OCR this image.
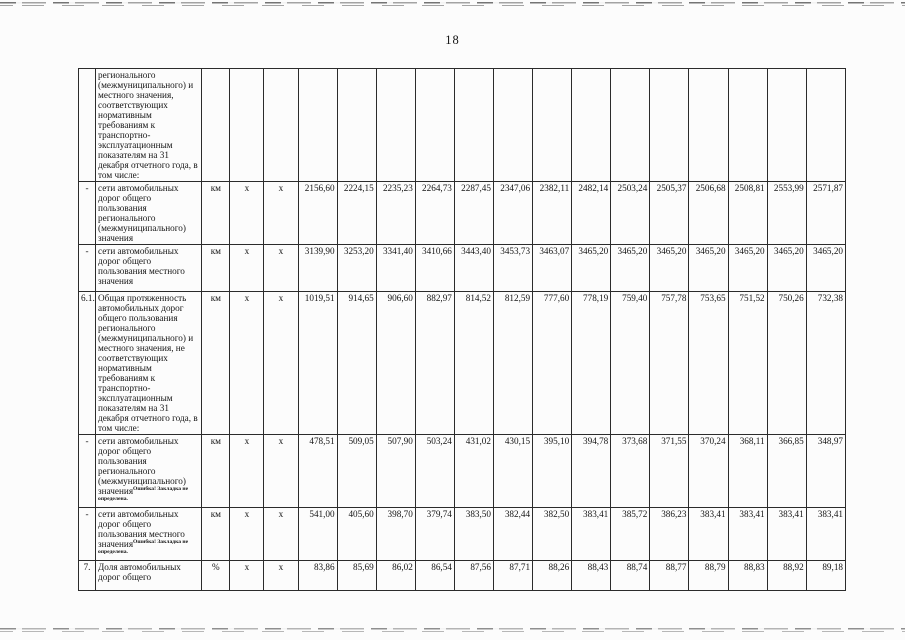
18
	регионального (межмуниципального) и местного значения, соответствующих нормативным требованиям к транспортно-эксплуатационным показателям на 31 декабря отчетного года, в том числе:																	
-	сети автомобильных дорог общего пользования регионального (межмуниципального) значения	км	х	х	2156,60	2224,15	2235,23	2264,73	2287,45	2347,06	2382,11	2482,14	2503,24	2505,37	2506,68	2508,81	2553,99	2571,87
-	сети автомобильных дорог общего пользования местного значения	км	х	х	3139,90	3253,20	3341,40	3410,66	3443,40	3453,73	3463,07	3465,20	3465,20	3465,20	3465,20	3465,20	3465,20	3465,20
6.1.	Общая протяженность автомобильных дорог общего пользования регионального (межмуниципального) и местного значения, не соответствующих нормативным требованиям к транспортно-эксплуатационным показателям на 31 декабря отчетного года, в том числе:	км	х	х	1019,51	914,65	906,60	882,97	814,52	812,59	777,60	778,19	759,40	757,78	753,65	751,52	750,26	732,38
-	сети автомобильных дорог общего пользования регионального (межмуниципального) значения$^{Ошибка! Закладка не определена.}$	км	х	х	478,51	509,05	507,90	503,24	431,02	430,15	395,10	394,78	373,68	371,55	370,24	368,11	366,85	348,97
-	сети автомобильных дорог общего пользования местного значения$^{Ошибка! Закладка не определена.}$	км	х	х	541,00	405,60	398,70	379,74	383,50	382,44	382,50	383,41	385,72	386,23	383,41	383,41	383,41	383,41
7.	Доля автомобильных дорог общего	%	х	х	83,86	85,69	86,02	86,54	87,56	87,71	88,26	88,43	88,74	88,77	88,79	88,83	88,92	89,18
